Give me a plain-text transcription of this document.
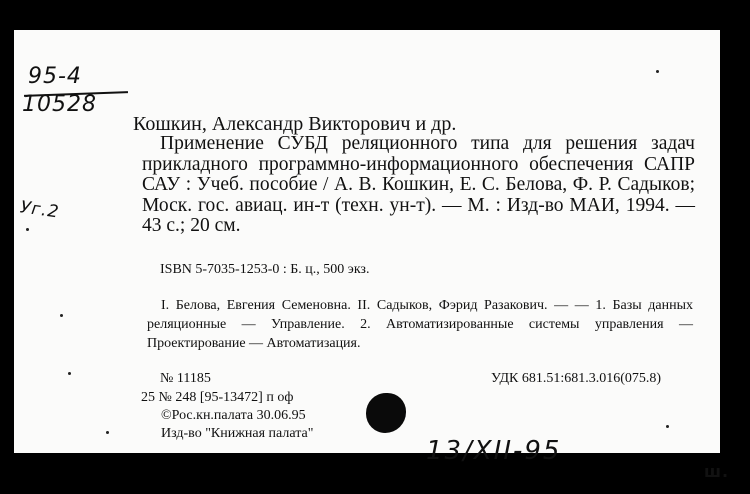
95-4
10528
Уг.2
Кошкин, Александр Викторович и др.
Применение СУБД реляционного типа для решения задач прикладного программно-информационного обеспечения САПР САУ : Учеб. пособие / А. В. Кошкин, Е. С. Белова, Ф. Р. Садыков; Моск. гос. авиац. ин-т (техн. ун-т). — М. : Изд-во МАИ, 1994. — 43 с.; 20 см.
ISBN 5-7035-1253-0 : Б. ц., 500 экз.
I. Белова, Евгения Семеновна. II. Садыков, Фэрид Разакович. — — 1. Базы данных реляционные — Управление. 2. Автоматизированные системы управления — Проектирование — Автоматизация.
№ 11185	УДК 681.51:681.3.016(075.8)
25 № 248 [95-13472] п оф
©Рос.кн.палата 30.06.95
Изд-во "Книжная палата"
13/XII-95
ш.
